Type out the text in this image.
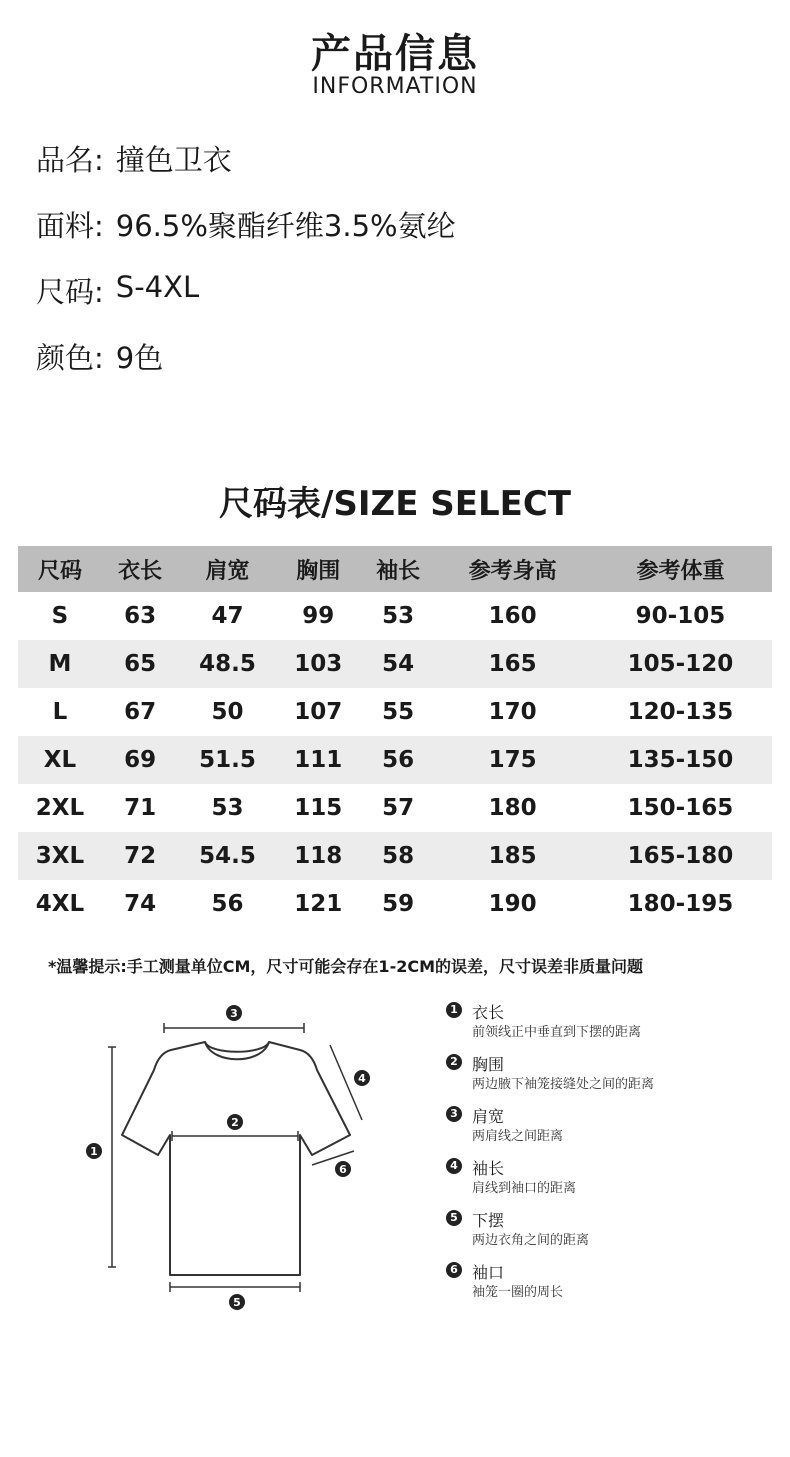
产品信息
INFORMATION
品名: 撞色卫衣
面料: 96.5%聚酯纤维3.5%氨纶
尺码: S-4XL
颜色: 9色
尺码表/SIZE SELECT
尺码	衣长	肩宽	胸围	袖长	参考身高	参考体重
S	63	47	99	53	160	90-105
M	65	48.5	103	54	165	105-120
L	67	50	107	55	170	120-135
XL	69	51.5	111	56	175	135-150
2XL	71	53	115	57	180	150-165
3XL	72	54.5	118	58	185	165-180
4XL	74	56	121	59	190	180-195
*温馨提示:手工测量单位CM，尺寸可能会存在1-2CM的误差，尺寸误差非质量问题
1
2
3
4
5
6
1 衣长
前领线正中垂直到下摆的距离
2 胸围
两边腋下袖笼接缝处之间的距离
3 肩宽
两肩线之间距离
4 袖长
肩线到袖口的距离
5 下摆
两边衣角之间的距离
6 袖口
袖笼一圈的周长
